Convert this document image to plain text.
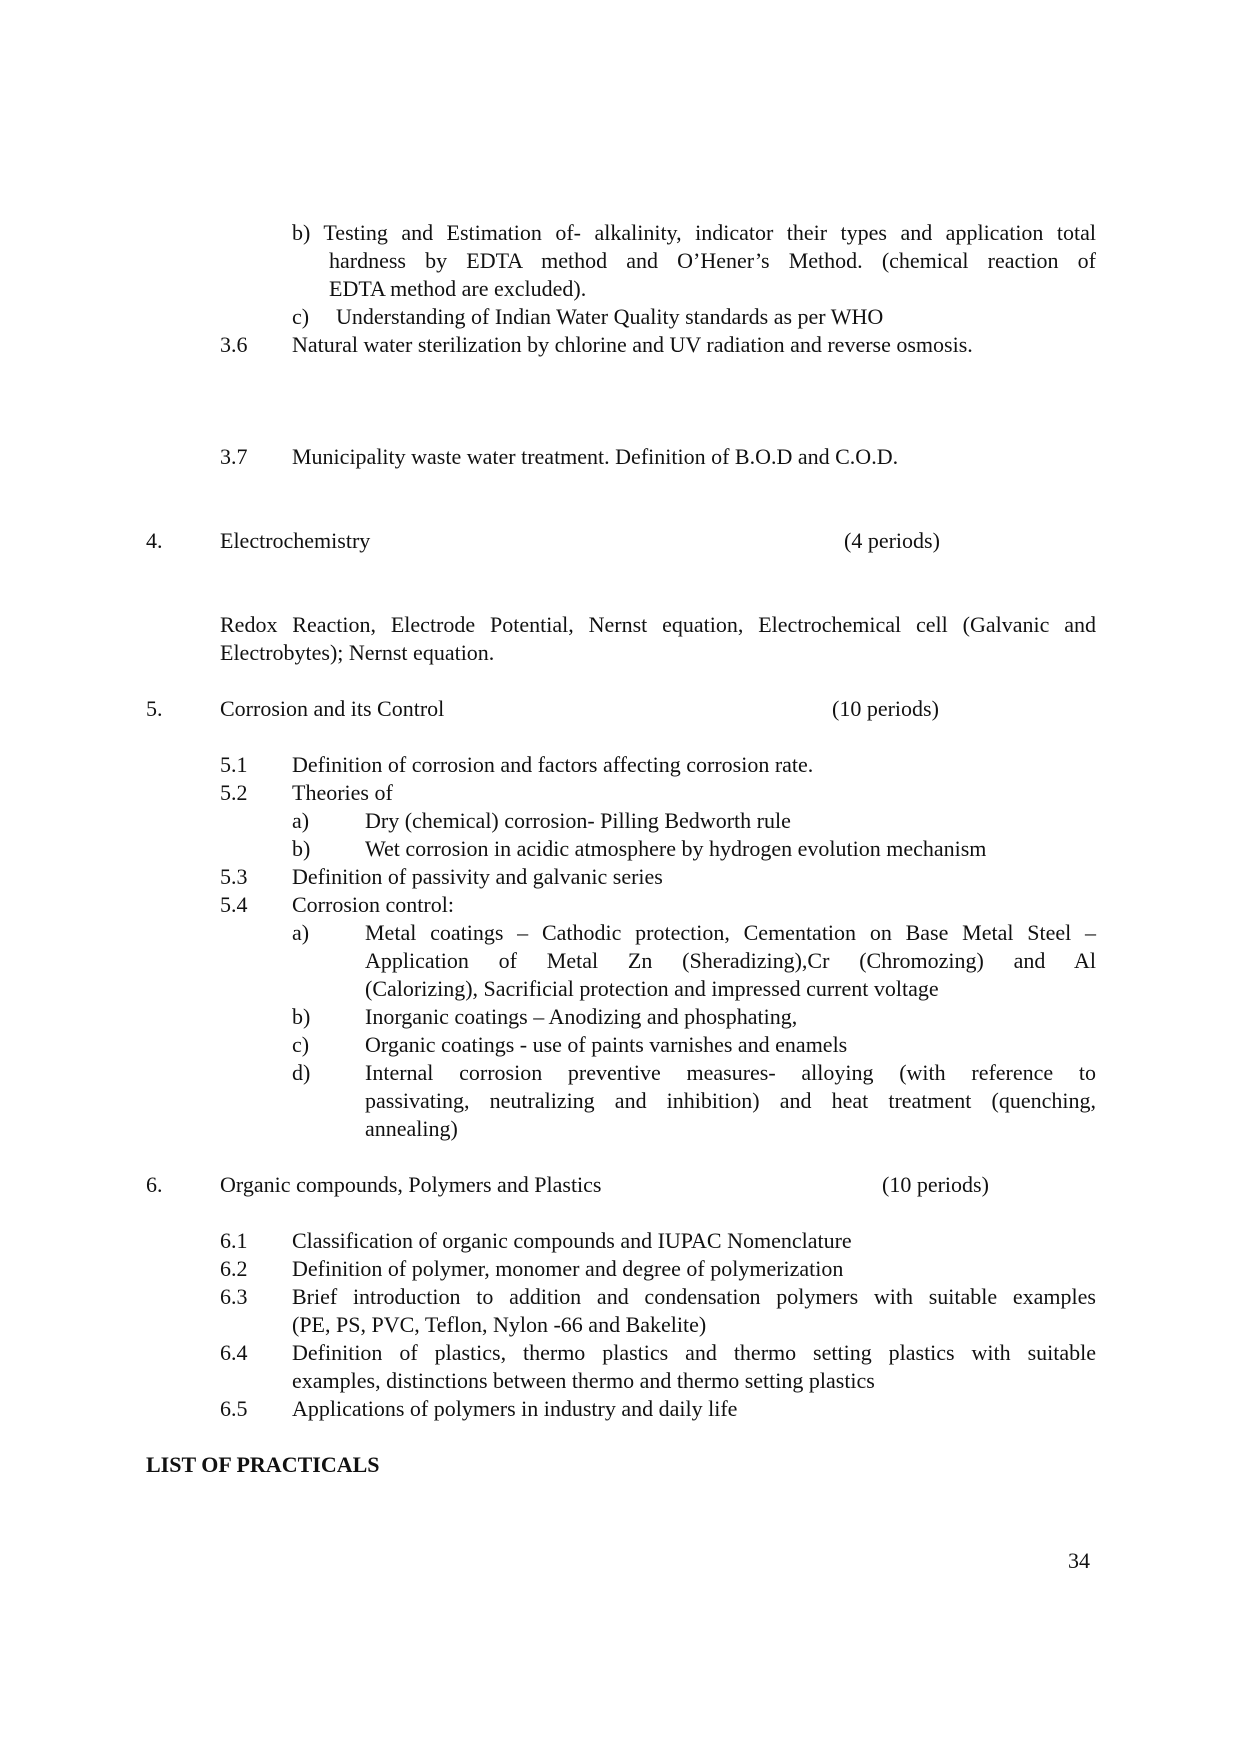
b) Testing and Estimation of- alkalinity, indicator their types and application total
hardness by EDTA method and O’Hener’s Method. (chemical reaction of
EDTA method are excluded).
c) Understanding of Indian Water Quality standards as per WHO
3.6 Natural water sterilization by chlorine and UV radiation and reverse osmosis.
3.7 Municipality waste water treatment. Definition of B.O.D and C.O.D.
4.	Electrochemistry	(4 periods)
Redox Reaction, Electrode Potential, Nernst equation, Electrochemical cell (Galvanic and
Electrobytes); Nernst equation.
5.	Corrosion and its Control	(10 periods)
5.1 Definition of corrosion and factors affecting corrosion rate.
5.2 Theories of
a)	Dry (chemical) corrosion- Pilling Bedworth rule
b) Wet corrosion in acidic atmosphere by hydrogen evolution mechanism
5.3 Definition of passivity and galvanic series
5.4 Corrosion control:
a)	Metal coatings – Cathodic protection, Cementation on Base Metal Steel –
Application of Metal Zn (Sheradizing),Cr (Chromozing) and Al
(Calorizing), Sacrificial protection and impressed current voltage
b) Inorganic coatings – Anodizing and phosphating,
c)	Organic coatings - use of paints varnishes and enamels
d) Internal corrosion preventive measures- alloying (with reference to
passivating, neutralizing and inhibition) and heat treatment (quenching,
annealing)
6.	Organic compounds, Polymers and Plastics	(10 periods)
6.1 Classification of organic compounds and IUPAC Nomenclature
6.2 Definition of polymer, monomer and degree of polymerization
6.3 Brief introduction to addition and condensation polymers with suitable examples
(PE, PS, PVC, Teflon, Nylon -66 and Bakelite)
6.4 Definition of plastics, thermo plastics and thermo setting plastics with suitable
examples, distinctions between thermo and thermo setting plastics
6.5 Applications of polymers in industry and daily life
LIST OF PRACTICALS
34
